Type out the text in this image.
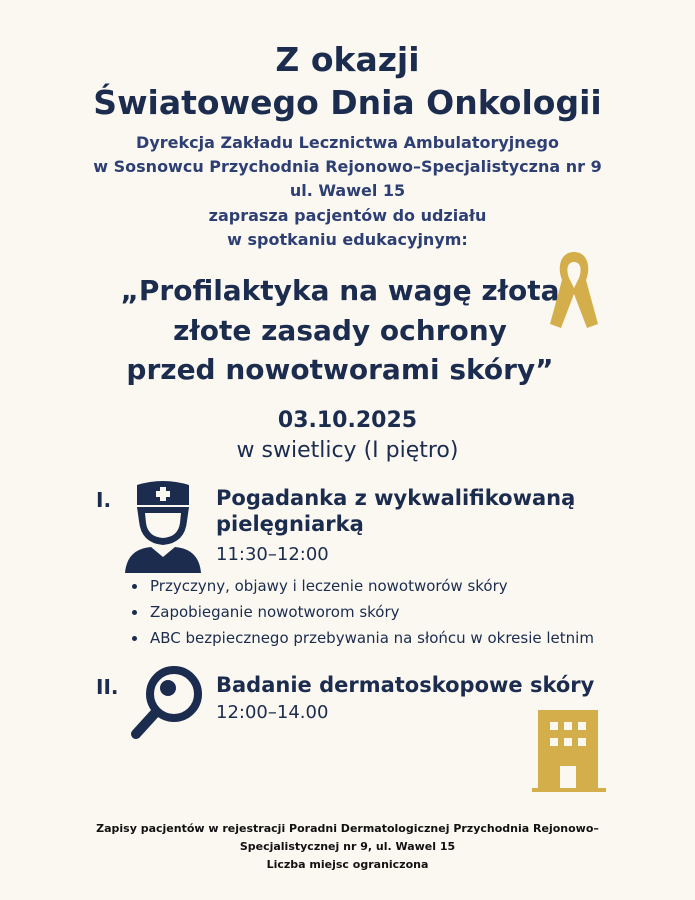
Z okazji
Światowego Dnia Onkologii
Dyrekcja Zakładu Lecznictwa Ambulatoryjnego
w Sosnowcu Przychodnia Rejonowo–Specjalistyczna nr 9
ul. Wawel 15
zaprasza pacjentów do udziału
w spotkaniu edukacyjnym:
„Profilaktyka na wagę złota
złote zasady ochrony
przed nowotworami skóry”
03.10.2025
w swietlicy (I piętro)
I.	Pogadanka z wykwalifikowaną
pielęgniarką
11:30–12:00
• Przyczyny, objawy i leczenie nowotworów skóry
• Zapobieganie nowotworom skóry
• ABC bezpiecznego przebywania na słońcu w okresie letnim
II.	Badanie dermatoskopowe skóry
12:00–14.00
Zapisy pacjentów w rejestracji Poradni Dermatologicznej Przychodnia Rejonowo–
Specjalistycznej nr 9, ul. Wawel 15
Liczba miejsc ograniczona
